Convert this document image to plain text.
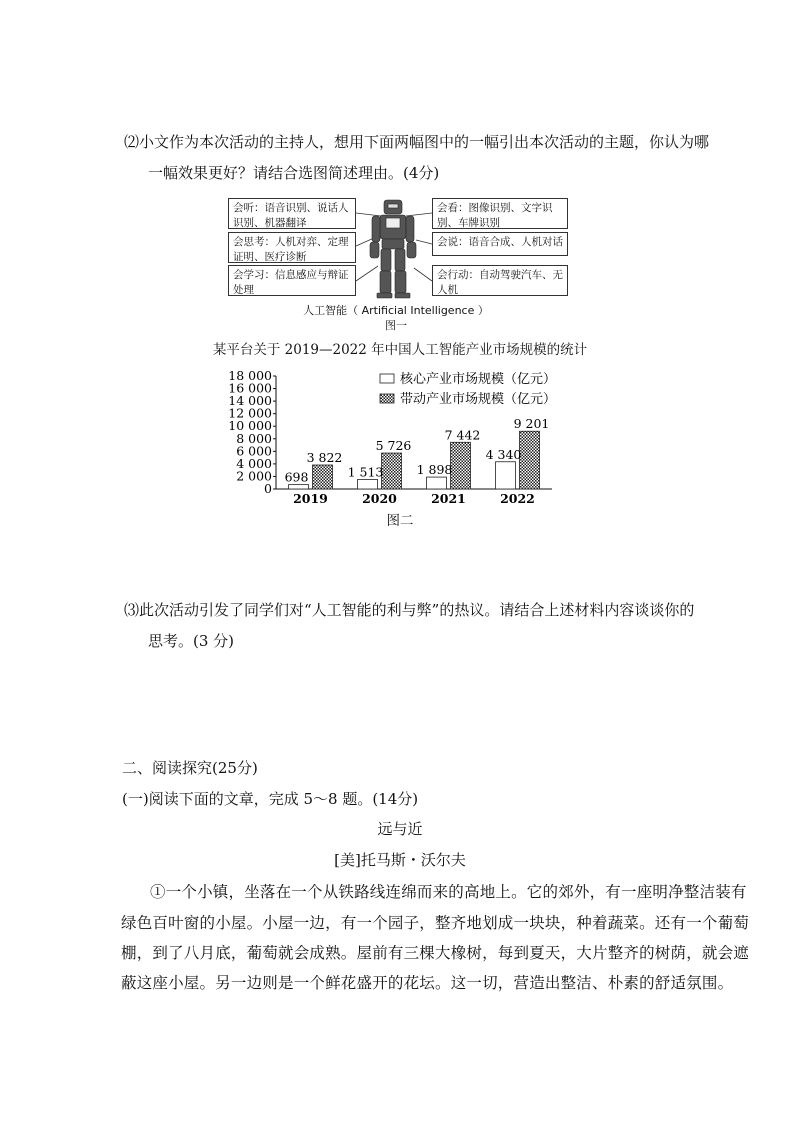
⑵小文作为本次活动的主持人，想用下面两幅图中的一幅引出本次活动的主题，你认为哪
一幅效果更好？请结合选图简述理由。(4分)
会听：语音识别、说话人识别、机器翻译
会思考：人机对弈、定理证明、医疗诊断
会学习：信息感应与辩证处理
会看：图像识别、文字识别、车牌识别
会说：语音合成、人机对话
会行动：自动驾驶汽车、无人机
人工智能（ Artificial Intelligence ）
图一
某平台关于 2019—2022 年中国人工智能产业市场规模的统计
0
2 000
4 000
6 000
8 000
10 000
12 000
14 000
16 000
18 000
2019	2020	2021	2022
698
3 822
1 513
5 726
1 898
7 442
4 340
9 201
核心产业市场规模（亿元）
带动产业市场规模（亿元）
图二
⑶此次活动引发了同学们对“人工智能的利与弊”的热议。请结合上述材料内容谈谈你的
思考。(3 分)
二、阅读探究(25分)
(一)阅读下面的文章，完成 5～8 题。(14分)
远与近
[美]托马斯・沃尔夫
①一个小镇，坐落在一个从铁路线连绵而来的高地上。它的郊外，有一座明净整洁装有
绿色百叶窗的小屋。小屋一边，有一个园子，整齐地划成一块块，种着蔬菜。还有一个葡萄
棚，到了八月底，葡萄就会成熟。屋前有三棵大橡树，每到夏天，大片整齐的树荫，就会遮
蔽这座小屋。另一边则是一个鲜花盛开的花坛。这一切，营造出整洁、朴素的舒适氛围。
